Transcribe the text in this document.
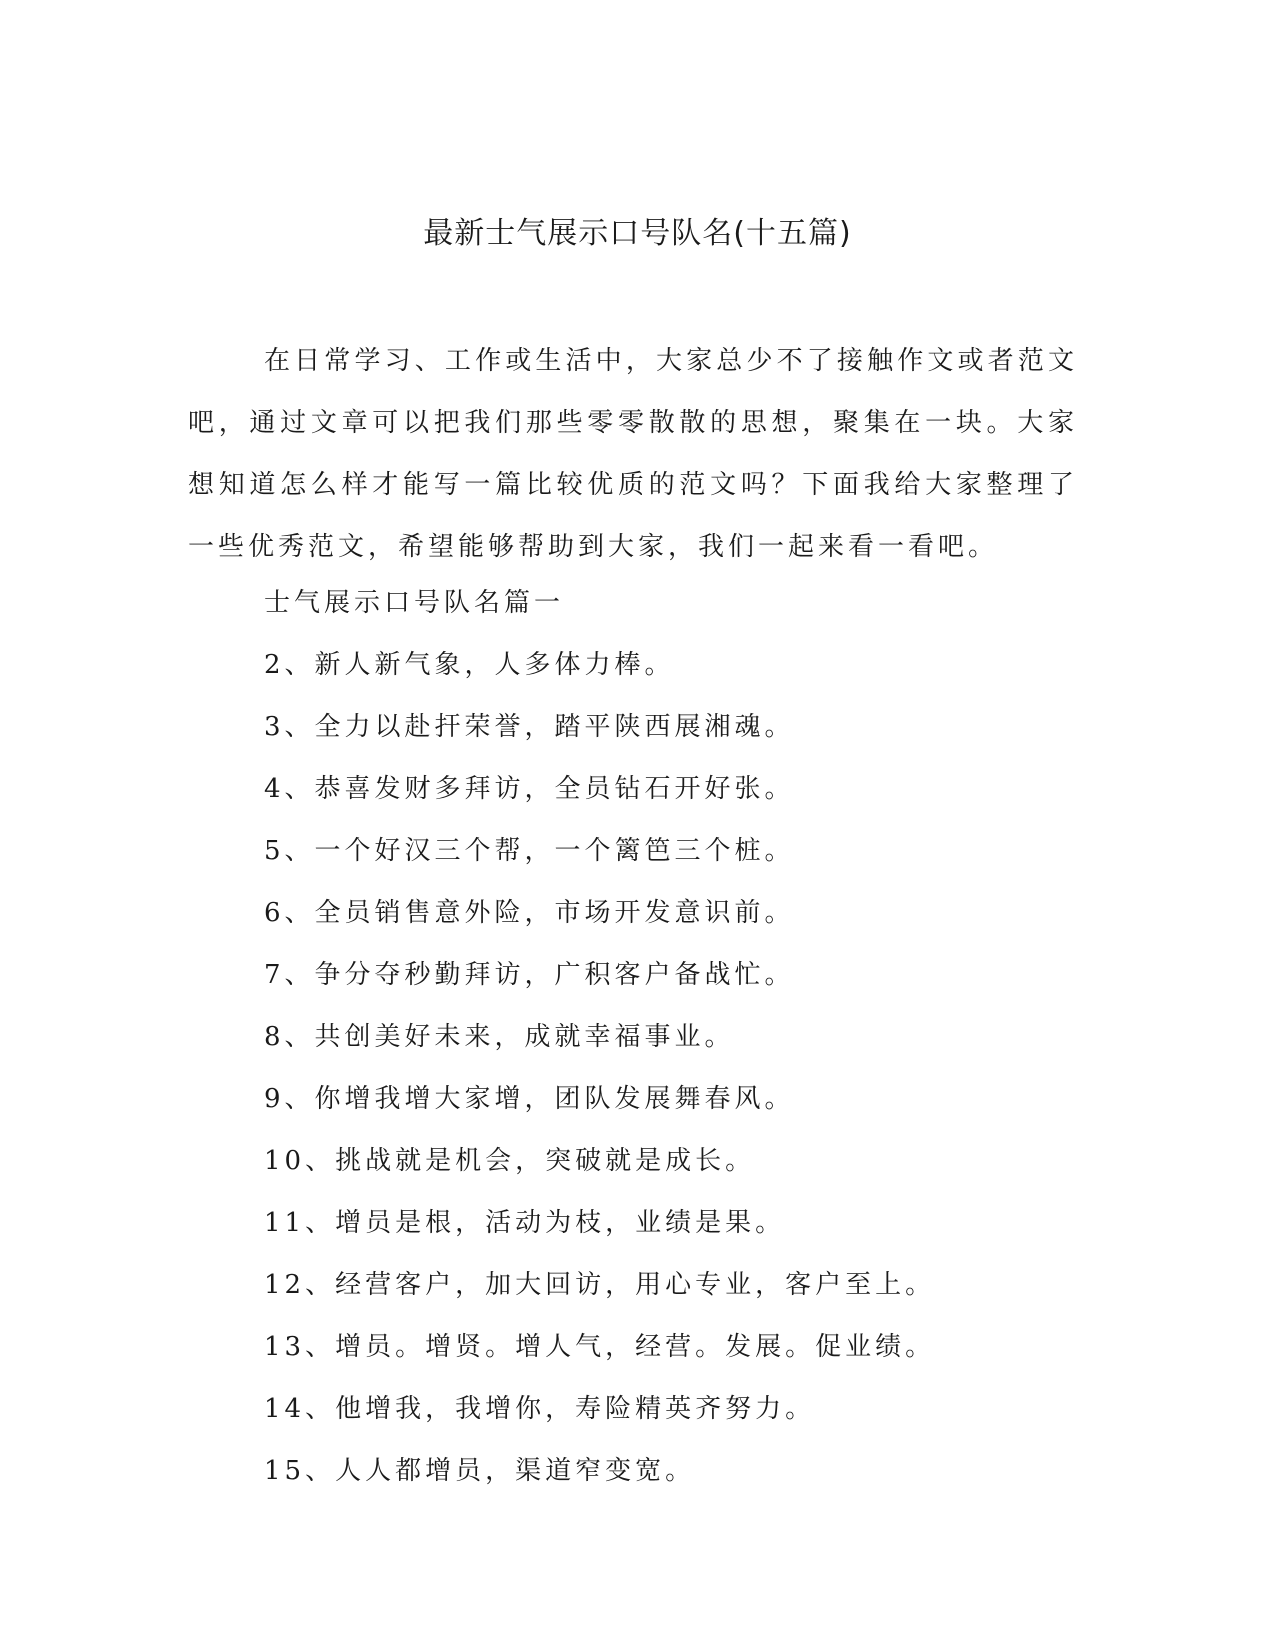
最新士气展示口号队名(十五篇)

在日常学习、工作或生活中，大家总少不了接触作文或者范文吧，通过文章可以把我们那些零零散散的思想，聚集在一块。大家想知道怎么样才能写一篇比较优质的范文吗？下面我给大家整理了一些优秀范文，希望能够帮助到大家，我们一起来看一看吧。

士气展示口号队名篇一
2、新人新气象，人多体力棒。
3、全力以赴扞荣誉，踏平陕西展湘魂。
4、恭喜发财多拜访，全员钻石开好张。
5、一个好汉三个帮，一个篱笆三个桩。
6、全员销售意外险，市场开发意识前。
7、争分夺秒勤拜访，广积客户备战忙。
8、共创美好未来，成就幸福事业。
9、你增我增大家增，团队发展舞春风。
10、挑战就是机会，突破就是成长。
11、增员是根，活动为枝，业绩是果。
12、经营客户，加大回访，用心专业，客户至上。
13、增员。增贤。增人气，经营。发展。促业绩。
14、他增我，我增你，寿险精英齐努力。
15、人人都增员，渠道窄变宽。
